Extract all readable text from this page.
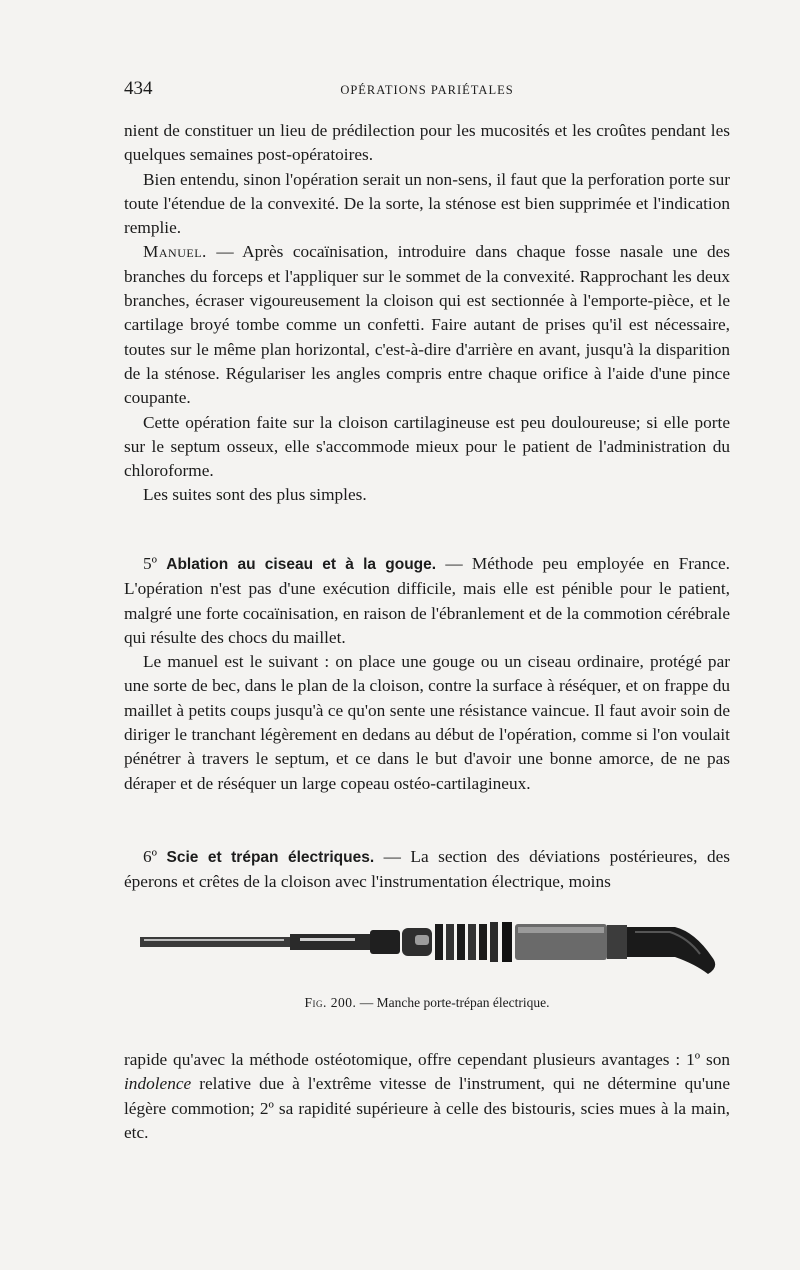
434	OPÉRATIONS PARIÉTALES

nient de constituer un lieu de prédilection pour les mucosités et les croûtes pendant les quelques semaines post-opératoires.

Bien entendu, sinon l'opération serait un non-sens, il faut que la perforation porte sur toute l'étendue de la convexité. De la sorte, la sténose est bien supprimée et l'indication remplie.

Manuel. — Après cocaïnisation, introduire dans chaque fosse nasale une des branches du forceps et l'appliquer sur le sommet de la convexité. Rapprochant les deux branches, écraser vigoureusement la cloison qui est sectionnée à l'emporte-pièce, et le cartilage broyé tombe comme un confetti. Faire autant de prises qu'il est nécessaire, toutes sur le même plan horizontal, c'est-à-dire d'arrière en avant, jusqu'à la disparition de la sténose. Régulariser les angles compris entre chaque orifice à l'aide d'une pince coupante.

Cette opération faite sur la cloison cartilagineuse est peu douloureuse; si elle porte sur le septum osseux, elle s'accommode mieux pour le patient de l'administration du chloroforme.

Les suites sont des plus simples.

5º Ablation au ciseau et à la gouge. — Méthode peu employée en France. L'opération n'est pas d'une exécution difficile, mais elle est pénible pour le patient, malgré une forte cocaïnisation, en raison de l'ébranlement et de la commotion cérébrale qui résulte des chocs du maillet.

Le manuel est le suivant : on place une gouge ou un ciseau ordinaire, protégé par une sorte de bec, dans le plan de la cloison, contre la surface à réséquer, et on frappe du maillet à petits coups jusqu'à ce qu'on sente une résistance vaincue. Il faut avoir soin de diriger le tranchant légèrement en dedans au début de l'opération, comme si l'on voulait pénétrer à travers le septum, et ce dans le but d'avoir une bonne amorce, de ne pas déraper et de réséquer un large copeau ostéo-cartilagineux.

6º Scie et trépan électriques. — La section des déviations postérieures, des éperons et crêtes de la cloison avec l'instrumentation électrique, moins

Fig. 200. — Manche porte-trépan électrique.

rapide qu'avec la méthode ostéotomique, offre cependant plusieurs avantages : 1º son indolence relative due à l'extrême vitesse de l'instrument, qui ne détermine qu'une légère commotion; 2º sa rapidité supérieure à celle des bistouris, scies mues à la main, etc.
